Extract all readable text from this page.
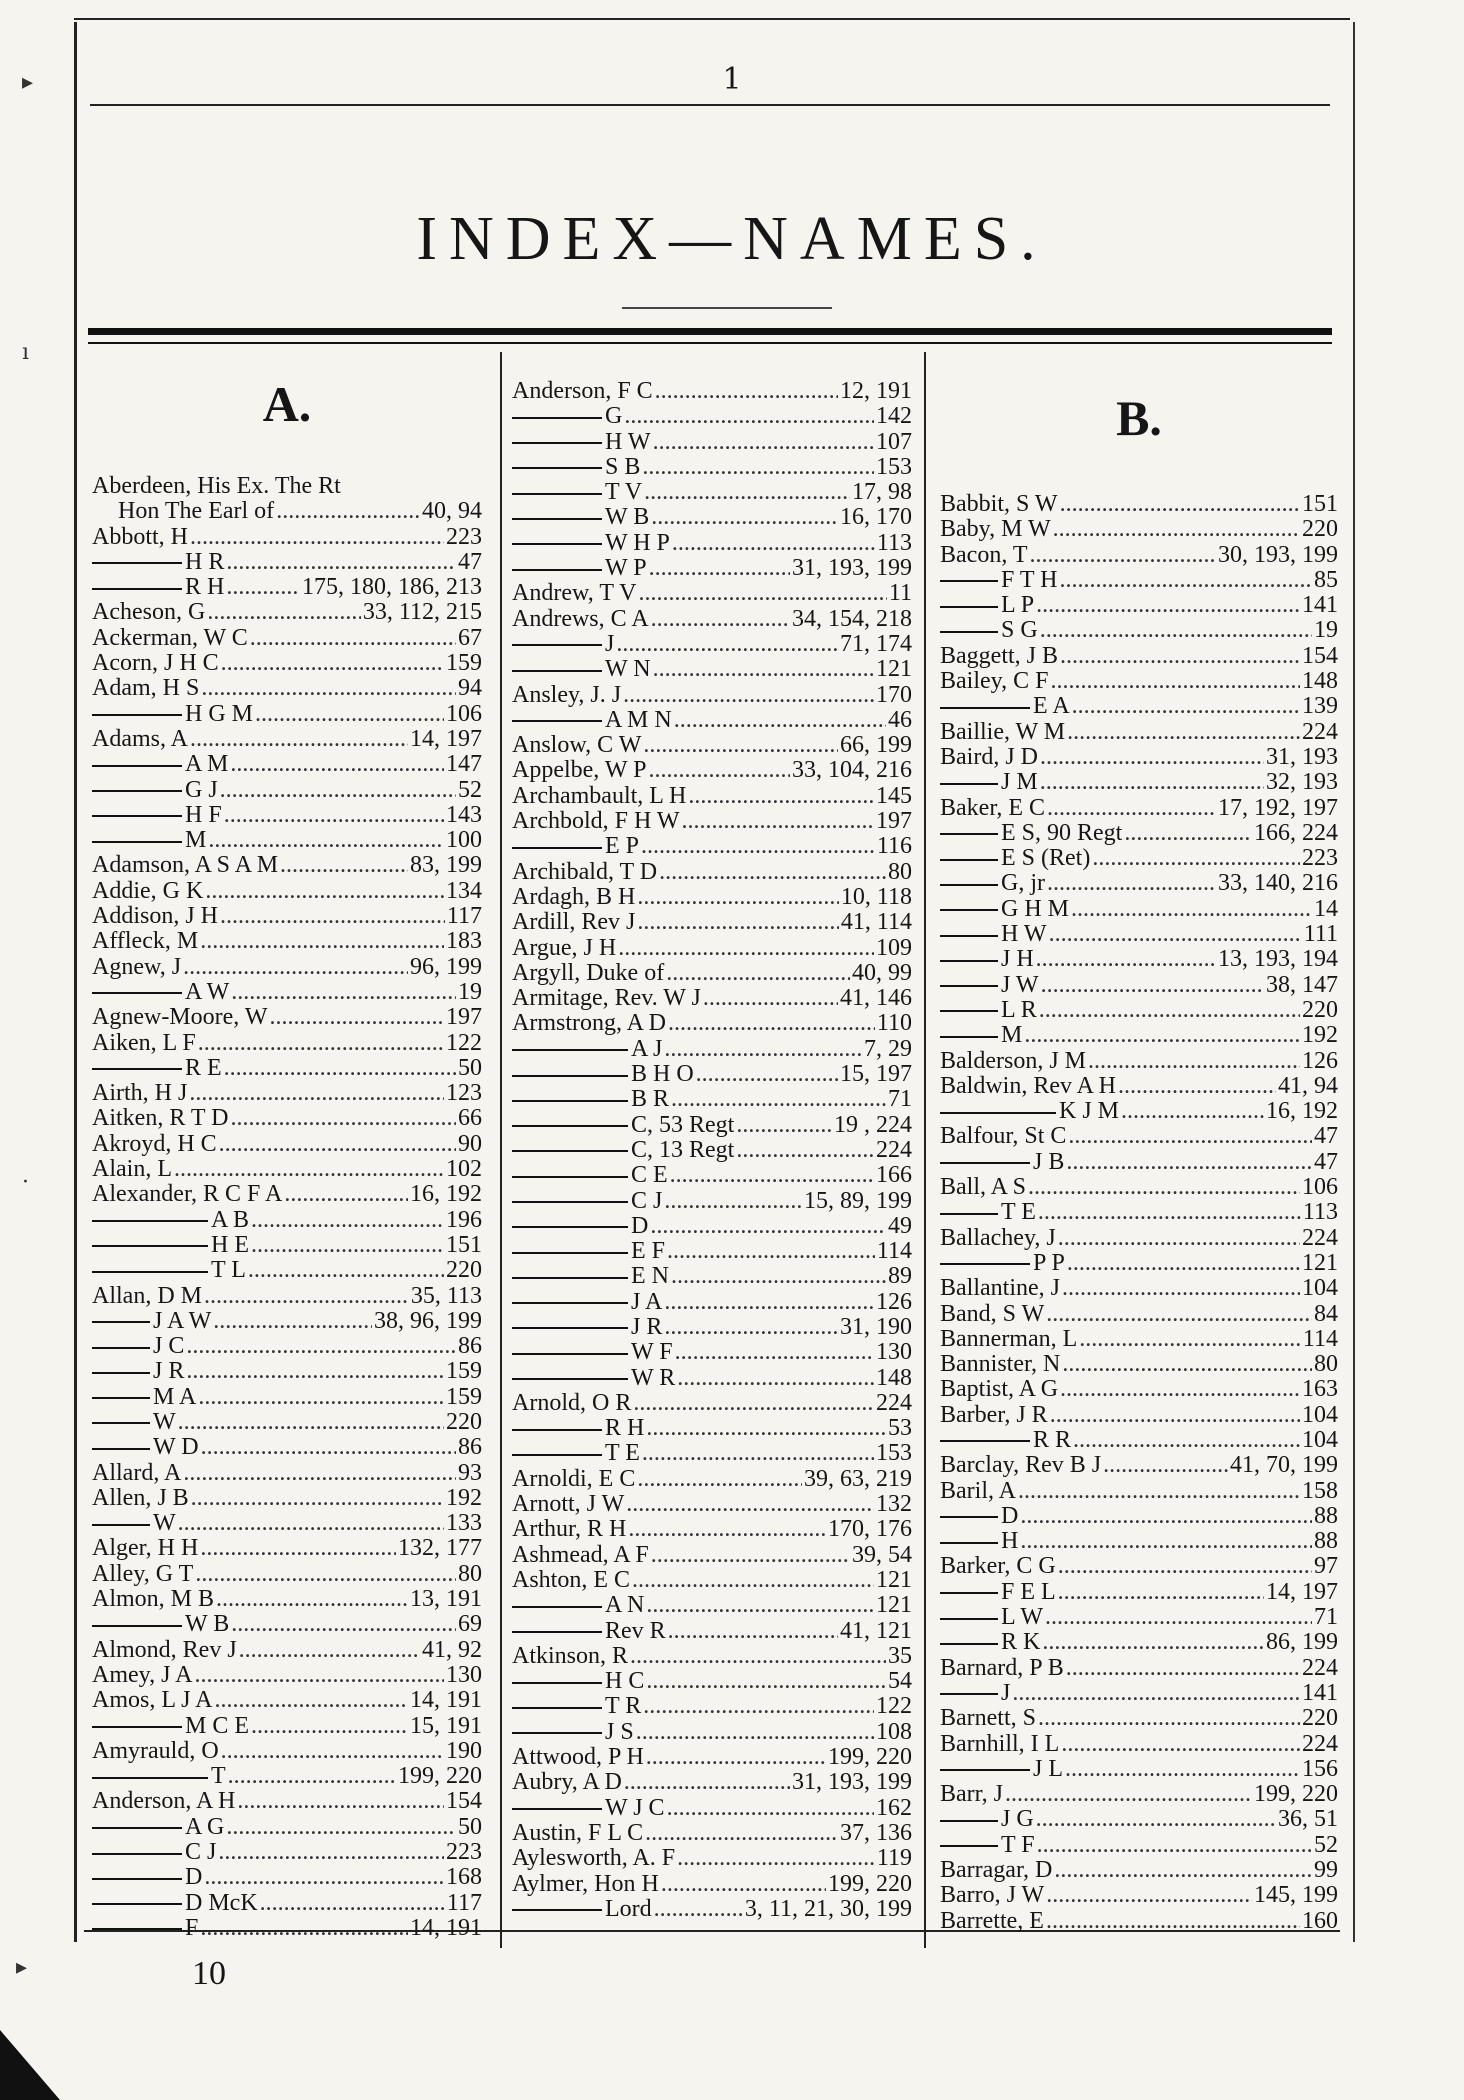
1
INDEX—NAMES.
▸
ı
·
▸
A.
Aberdeen, His Ex. The Rt
Hon The Earl of .....	40, 94
Abbott, H .....	223
H R .....	47
R H .....	175, 180, 186, 213
Acheson, G .....	33, 112, 215
Ackerman, W C .....	67
Acorn, J H C .....	159
Adam, H S .....	94
H G M .....	106
Adams, A .....	14, 197
A M .....	147
G J .....	52
H F .....	143
M .....	100
Adamson, A S A M .....	83, 199
Addie, G K .....	134
Addison, J H .....	117
Affleck, M .....	183
Agnew, J .....	96, 199
A W .....	19
Agnew-Moore, W .....	197
Aiken, L F .....	122
R E .....	50
Airth, H J .....	123
Aitken, R T D .....	66
Akroyd, H C .....	90
Alain, L .....	102
Alexander, R C F A .....	16, 192
A B .....	196
H E .....	151
T L .....	220
Allan, D M .....	35, 113
J A W .....	38, 96, 199
J C .....	86
J R .....	159
M A .....	159
W .....	220
W D .....	86
Allard, A .....	93
Allen, J B .....	192
W .....	133
Alger, H H .....	132, 177
Alley, G T .....	80
Almon, M B .....	13, 191
W B .....	69
Almond, Rev J .....	41, 92
Amey, J A .....	130
Amos, L J A .....	14, 191
M C E .....	15, 191
Amyrauld, O .....	190
T .....	199, 220
Anderson, A H .....	154
A G .....	50
C J .....	223
D .....	168
D McK .....	117
F .....	14, 191
Anderson, F C .....	12, 191
G .....	142
H W .....	107
S B .....	153
T V .....	17, 98
W B .....	16, 170
W H P .....	113
W P .....	31, 193, 199
Andrew, T V .....	11
Andrews, C A .....	34, 154, 218
J .....	71, 174
W N .....	121
Ansley, J. J .....	170
A M N .....	46
Anslow, C W .....	66, 199
Appelbe, W P .....	33, 104, 216
Archambault, L H .....	145
Archbold, F H W .....	197
E P .....	116
Archibald, T D .....	80
Ardagh, B H .....	10, 118
Ardill, Rev J .....	41, 114
Argue, J H .....	109
Argyll, Duke of .....	40, 99
Armitage, Rev. W J .....	41, 146
Armstrong, A D .....	110
A J .....	7, 29
B H O .....	15, 197
B R .....	71
C, 53 Regt .....	19 , 224
C, 13 Regt .....	224
C E .....	166
C J .....	15, 89, 199
D .....	49
E F .....	114
E N .....	89
J A .....	126
J R .....	31, 190
W F .....	130
W R .....	148
Arnold, O R .....	224
R H .....	53
T E .....	153
Arnoldi, E C .....	39, 63, 219
Arnott, J W .....	132
Arthur, R H .....	170, 176
Ashmead, A F .....	39, 54
Ashton, E C .....	121
A N .....	121
Rev R .....	41, 121
Atkinson, R .....	35
H C .....	54
T R .....	122
J S .....	108
Attwood, P H .....	199, 220
Aubry, A D .....	31, 193, 199
W J C .....	162
Austin, F L C .....	37, 136
Aylesworth, A. F .....	119
Aylmer, Hon H .....	199, 220
Lord .....	3, 11, 21, 30, 199
B.
Babbit, S W .....	151
Baby, M W .....	220
Bacon, T .....	30, 193, 199
F T H .....	85
L P .....	141
S G .....	19
Baggett, J B .....	154
Bailey, C F .....	148
E A .....	139
Baillie, W M .....	224
Baird, J D .....	31, 193
J M .....	32, 193
Baker, E C .....	17, 192, 197
E S, 90 Regt .....	166, 224
E S (Ret) .....	223
G, jr .....	33, 140, 216
G H M .....	14
H W .....	111
J H .....	13, 193, 194
J W .....	38, 147
L R .....	220
M .....	192
Balderson, J M .....	126
Baldwin, Rev A H .....	41, 94
K J M .....	16, 192
Balfour, St C .....	47
J B .....	47
Ball, A S .....	106
T E .....	113
Ballachey, J .....	224
P P .....	121
Ballantine, J .....	104
Band, S W .....	84
Bannerman, L .....	114
Bannister, N .....	80
Baptist, A G .....	163
Barber, J R .....	104
R R .....	104
Barclay, Rev B J .....	41, 70, 199
Baril, A .....	158
D .....	88
H .....	88
Barker, C G .....	97
F E L .....	14, 197
L W .....	71
R K .....	86, 199
Barnard, P B .....	224
J .....	141
Barnett, S .....	220
Barnhill, I L .....	224
J L .....	156
Barr, J .....	199, 220
J G .....	36, 51
T F .....	52
Barragar, D .....	99
Barro, J W .....	145, 199
Barrette, E .....	160
10
